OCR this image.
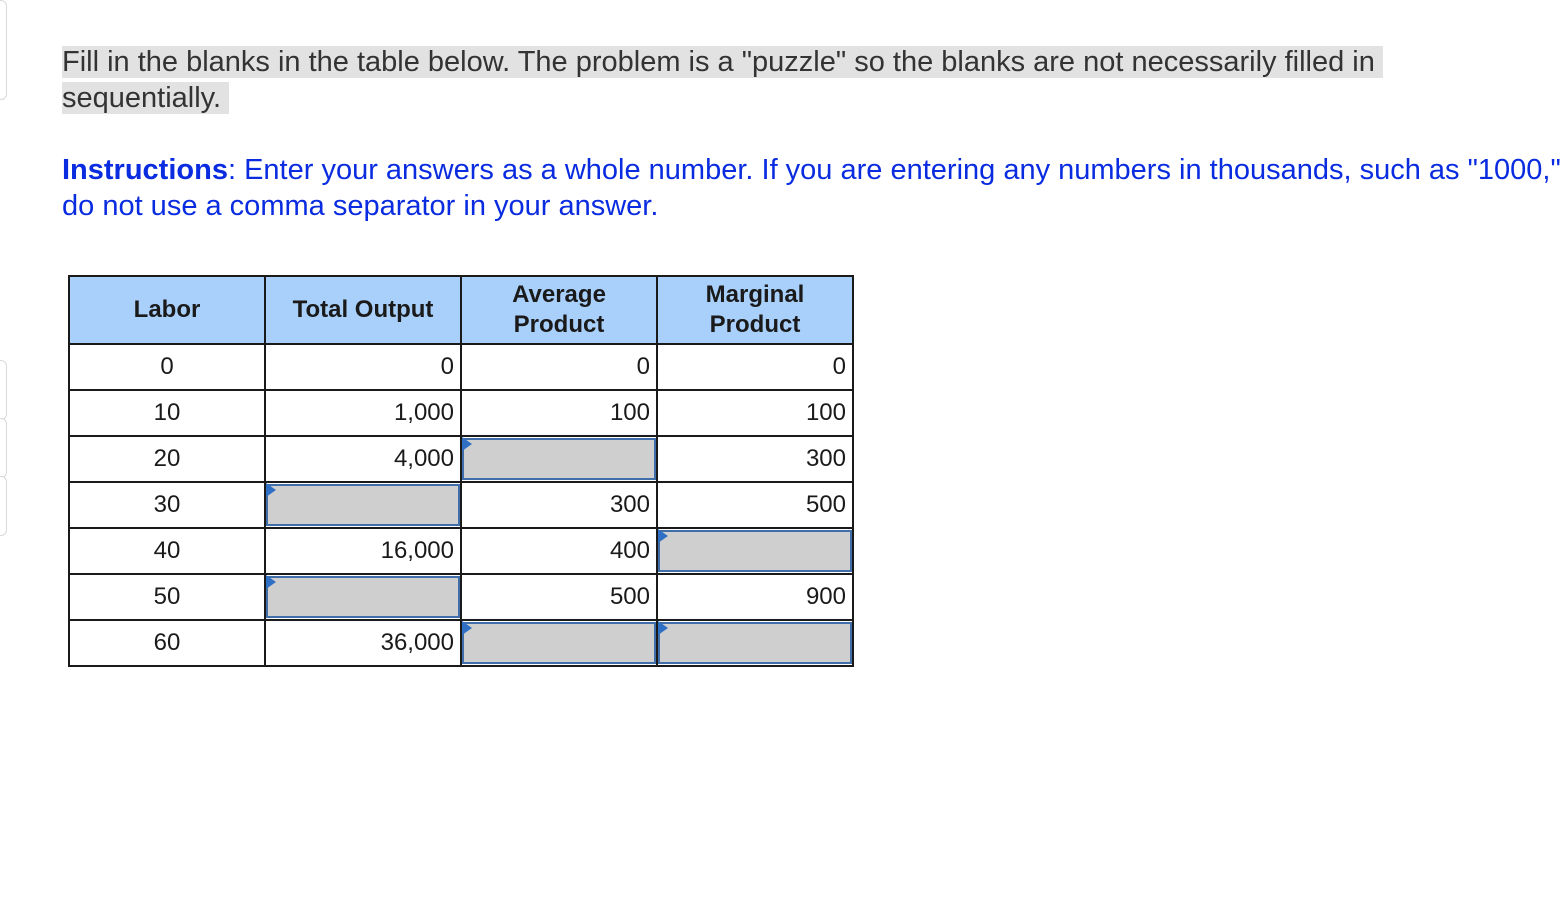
Fill in the blanks in the table below. The problem is a "puzzle" so the blanks are not necessarily filled in sequentially.
Instructions: Enter your answers as a whole number. If you are entering any numbers in thousands, such as "1000," do not use a comma separator in your answer.
Labor	Total Output	Average Product	Marginal Product
0	0	0	0
10	1,000	100	100
20	4,000		300
30		300	500
40	16,000	400	

50		500	900
60	36,000	
